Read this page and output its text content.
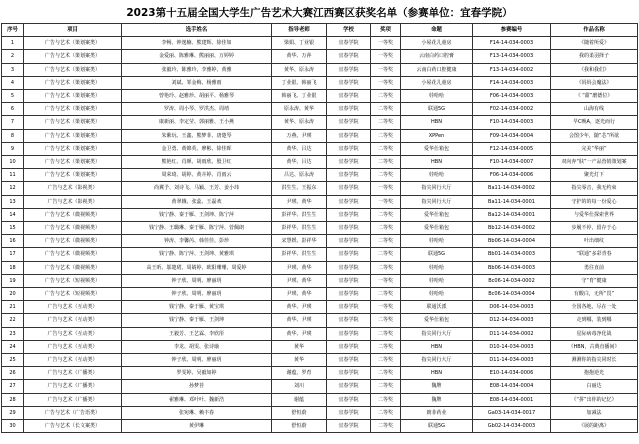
2023第十五届全国大学生广告艺术大赛江西赛区获奖名单（参赛单位：宜春学院）
序号	项目	选手姓名	指导老师	学校	奖项	命题	参赛编号	作品名称
1	广告与艺术（策划案类）	李畅、钟逸楠、熊建辉、徐佳如	梁娟、丁业银	宜春学院	一等奖	小屋花儿童房	F14-14-034-0003	《随着所爱》
2	广告与艺术（策划案类）	金爱丽、陈雅琳、熊丽丽、万婷婷	黄华、万萍	宜春学院	一等奖	云南白药口腔膏	F13-14-034-0003	我的柔羽择子
3	广告与艺术（策划案类）	张毅玲、陈雅玲、李雅婷、黄雅	黄华、原永涛	宜春学院	一等奖	云南白药口腔健康	F13-14-034-0002	《我和我们》
4	广告与艺术（策划案类）	刘斌、邹金梅、杨雅雨	丁业银、韩丽飞	宜春学院	一等奖	小屋花儿童房	F14-14-034-0003	《妈妈会魔法》
5	广告与艺术（策划案类）	曾艳玲、赵雅珍、胡丽平、杨雅琴	韩丽飞、丁业银	宜春学院	二等奖	娃哈哈	F06-14-034-0003	《 “甜”磨德位》
6	广告与艺术（策划案类）	罗涛、周小琴、罗洪杰、周靖	原永涛、黄华	宜春学院	二等奖	联通5G	F02-14-034-0002	山海有线
7	广告与艺术（策划案类）	康新丽、李定莹、郭丽雅、王小燕	黄华、原永涛	宜春学院	二等奖	HBN	F10-14-034-0003	早C晚A，逐光而行
8	广告与艺术（策划案类）	朱紫玩、王鑫、熊梦菲、唐楚琴	万燕、尹瑛	宜春学院	二等奖	XPPen	F09-14-034-0004	会图少年，随“芯”所欲
9	广告与艺术（策划案类）	金卫勇、黄锦英、廖彬、徐佳晖	黄华、吕达	宜春学院	二等奖	爱华仕箱包	F12-14-034-0005	完美“华丽”
10	广告与艺术（策划案类）	熊艳红、肖颜、胡雨欣、殷卫红	黄华、吕达	宜春学院	二等奖	HBN	F10-14-034-0007	双向奔“肤”一产品营销策划案
11	广告与艺术（策划案类）	周荣琦、胡婷、黄卉婷、肖雨云	吕达、原永涛	宜春学院	二等奖	娃哈哈	F06-14-034-0006	聚光灯下
12	广告与艺术（影视类）	尚翼予、刘诗飞、马颖、王芳、姜小玮	洪生生、王振东	宜春学院	一等奖	指尖同行大厅	Ba11-14-034-0002	指尖零音，我无约束
13	广告与艺术（影视类）	黄翠娥、张蕊、王磊欢	尹瑛、黄华	宜春学院	一等奖	指尖同行大厅	Ba11-14-034-0001	守护的的每一份爱心
14	广告与艺术（微视频类）	钱宁静、秦于雁、王剑坤、陈宁萍	彭祥华、洪生生	宜春学院	二等奖	爱华仕箱包	Ba12-14-034-0001	与爱华仕探索世界
15	广告与艺术（微视频类）	钱宁静、王璐琳、秦于雁、陈宁萍、菅佩朗	彭祥华、洪生生	宜春学院	二等奖	爱华仕箱包	Bb12-14-034-0002	步履不停，留存于心
16	广告与艺术（微视频类）	钟涛、李馨芮、韩佳佳、彭珍	宋慧媛、彭祥华	宜春学院	二等奖	娃哈哈	Bb06-14-034-0004	叶出细纹
17	广告与艺术（微视频类）	钱宁静、陈宁萍、王剑坤、黄雅琪	彭祥华、洪生生	宜春学院	二等奖	联通5G	Bb01-14-034-0003	“联通”多彩青春
18	广告与艺术（微视频类）	高王昕、邬楚珺、周婧婷、欧阳珊珊、周爱婷	尹瑛、黄华	宜春学院	二等奖	娃哈哈	Bb06-14-034-0003	勇往直前
19	广告与艺术（短视频类）	钟子欣、周明、廖丽玥	尹瑛、黄华	宜春学院	一等奖	娃哈哈	Bc06-14-034-0002	守“育”健康
20	广告与艺术（短视频类）	钟子欣、周明、廖丽玥	尹瑛、黄华	宜春学院	二等奖	娃哈哈	Bc06-14-034-0004	有酸白，无所“畏”
21	广告与艺术（互动类）	钱宁静、秦于雁、黄宝琪	黄华、尹瑛	宜春学院	一等奖	联通沃派	D06-14-034-0003	全国各地，尽在一处
22	广告与艺术（互动类）	钱宁静、秦于雁、王剑坤	黄华、尹瑛	宜春学院	二等奖	爱华仕箱包	D12-14-034-0003	走到哪，装到哪
23	广告与艺术（互动类）	王毅芳、王艺霖、李欣彤	黄华、尹瑛	宜春学院	二等奖	指尖同行大厅	D11-14-034-0002	星际病毒净化战
24	广告与艺术（互动类）	李龙、胡雯、张诗瑜	黄华	宜春学院	二等奖	HBN	D10-14-034-0003	《HBN，古典直播间》
25	广告与艺术（互动类）	钟子欣、周明、廖丽玥	黄华	宜春学院	二等奖	指尖同行大厅	D11-14-034-0003	测测你的指尖同时长
26	广告与艺术（广播类）	罗雯婷、吴毅如婷	谢蕴、罗育	宜春学院	二等奖	HBN	E10-14-034-0006	抱抱逆光
27	广告与艺术（广播类）	孙梦苔	刘川	宜春学院	二等奖	魏牌	E08-14-034-0004	白丽达
28	广告与艺术（广播类）	翟雅琳、邓叶叶、魏新浩	谢蕴	宜春学院	二等奖	魏牌	E08-14-034-0001	《“拼”出你的记忆》
29	广告与艺术（广告语类）	张宛琳、赖丰春	舒恒蔚	宜春学院	二等奖	朗菲药业	Ga03-14-034-0017	加减法
30	广告与艺术（长文案类）	黄伊琳	舒恒蔚	宜春学院	二等奖	联通5G	Gb02-14-034-0003	《展的距离》
